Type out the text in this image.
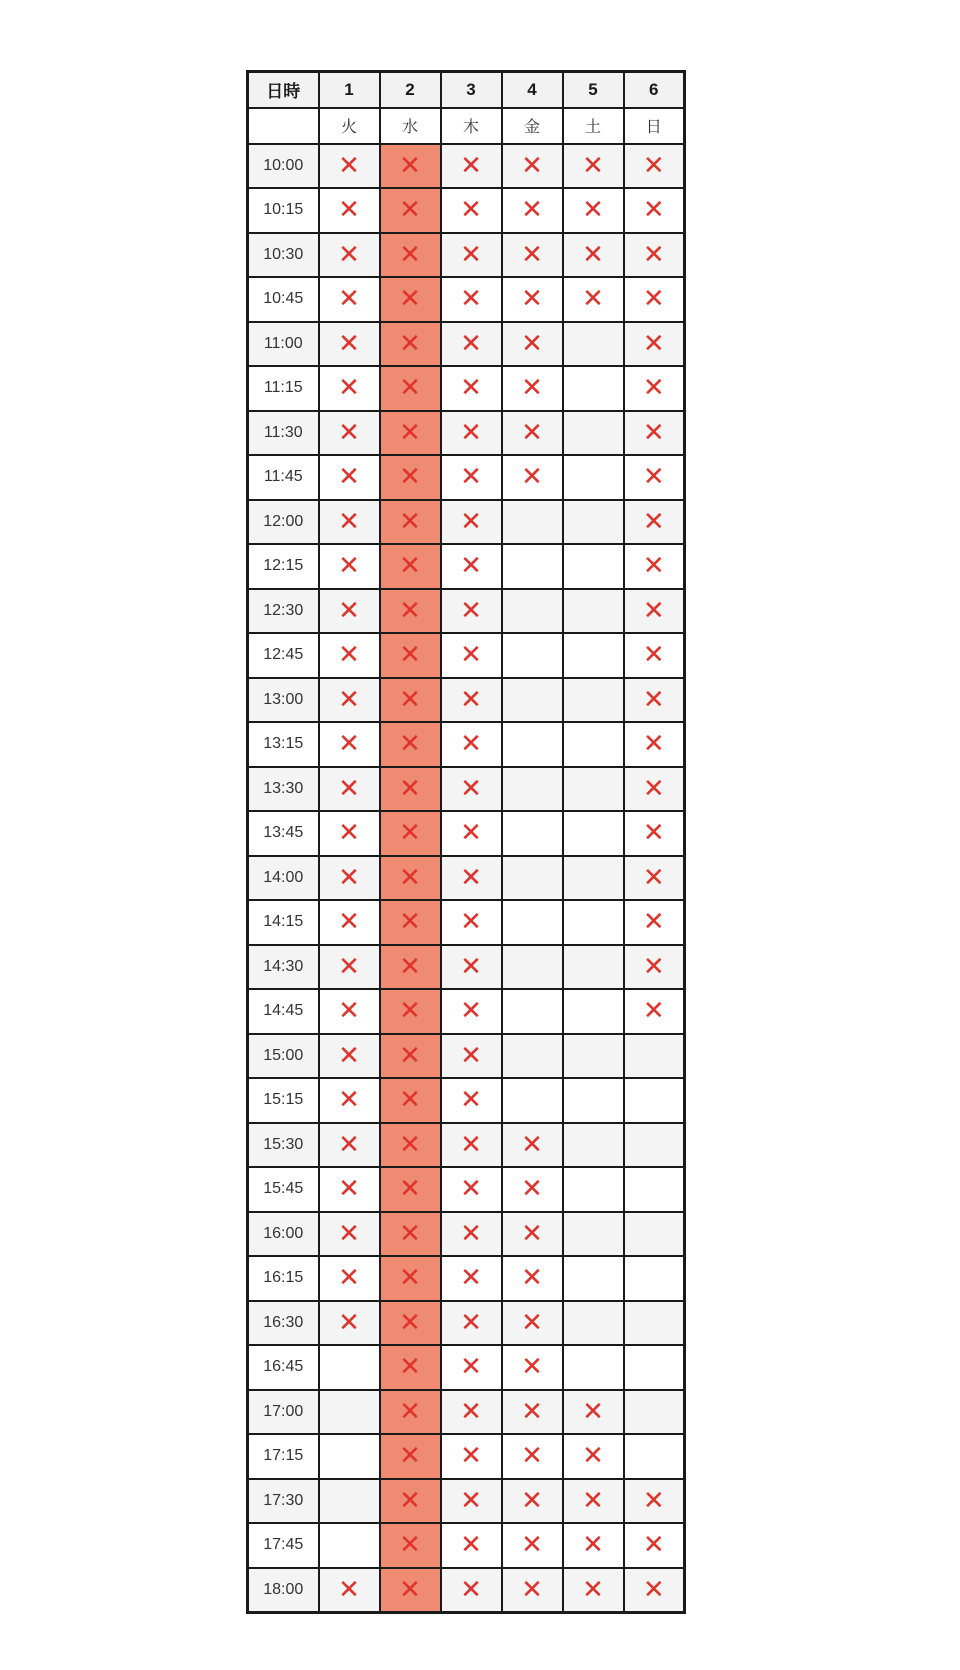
日時	1	2	3	4	5	6
	火	水	木	金	土	日
10:00	✕	✕	✕	✕	✕	✕
10:15	✕	✕	✕	✕	✕	✕
10:30	✕	✕	✕	✕	✕	✕
10:45	✕	✕	✕	✕	✕	✕
11:00	✕	✕	✕	✕		✕
11:15	✕	✕	✕	✕		✕
11:30	✕	✕	✕	✕		✕
11:45	✕	✕	✕	✕		✕
12:00	✕	✕	✕			✕
12:15	✕	✕	✕			✕
12:30	✕	✕	✕			✕
12:45	✕	✕	✕			✕
13:00	✕	✕	✕			✕
13:15	✕	✕	✕			✕
13:30	✕	✕	✕			✕
13:45	✕	✕	✕			✕
14:00	✕	✕	✕			✕
14:15	✕	✕	✕			✕
14:30	✕	✕	✕			✕
14:45	✕	✕	✕			✕
15:00	✕	✕	✕			
15:15	✕	✕	✕			
15:30	✕	✕	✕	✕		
15:45	✕	✕	✕	✕		
16:00	✕	✕	✕	✕		
16:15	✕	✕	✕	✕		
16:30	✕	✕	✕	✕		
16:45		✕	✕	✕		
17:00		✕	✕	✕	✕	
17:15		✕	✕	✕	✕	
17:30		✕	✕	✕	✕	✕
17:45		✕	✕	✕	✕	✕
18:00	✕	✕	✕	✕	✕	✕
